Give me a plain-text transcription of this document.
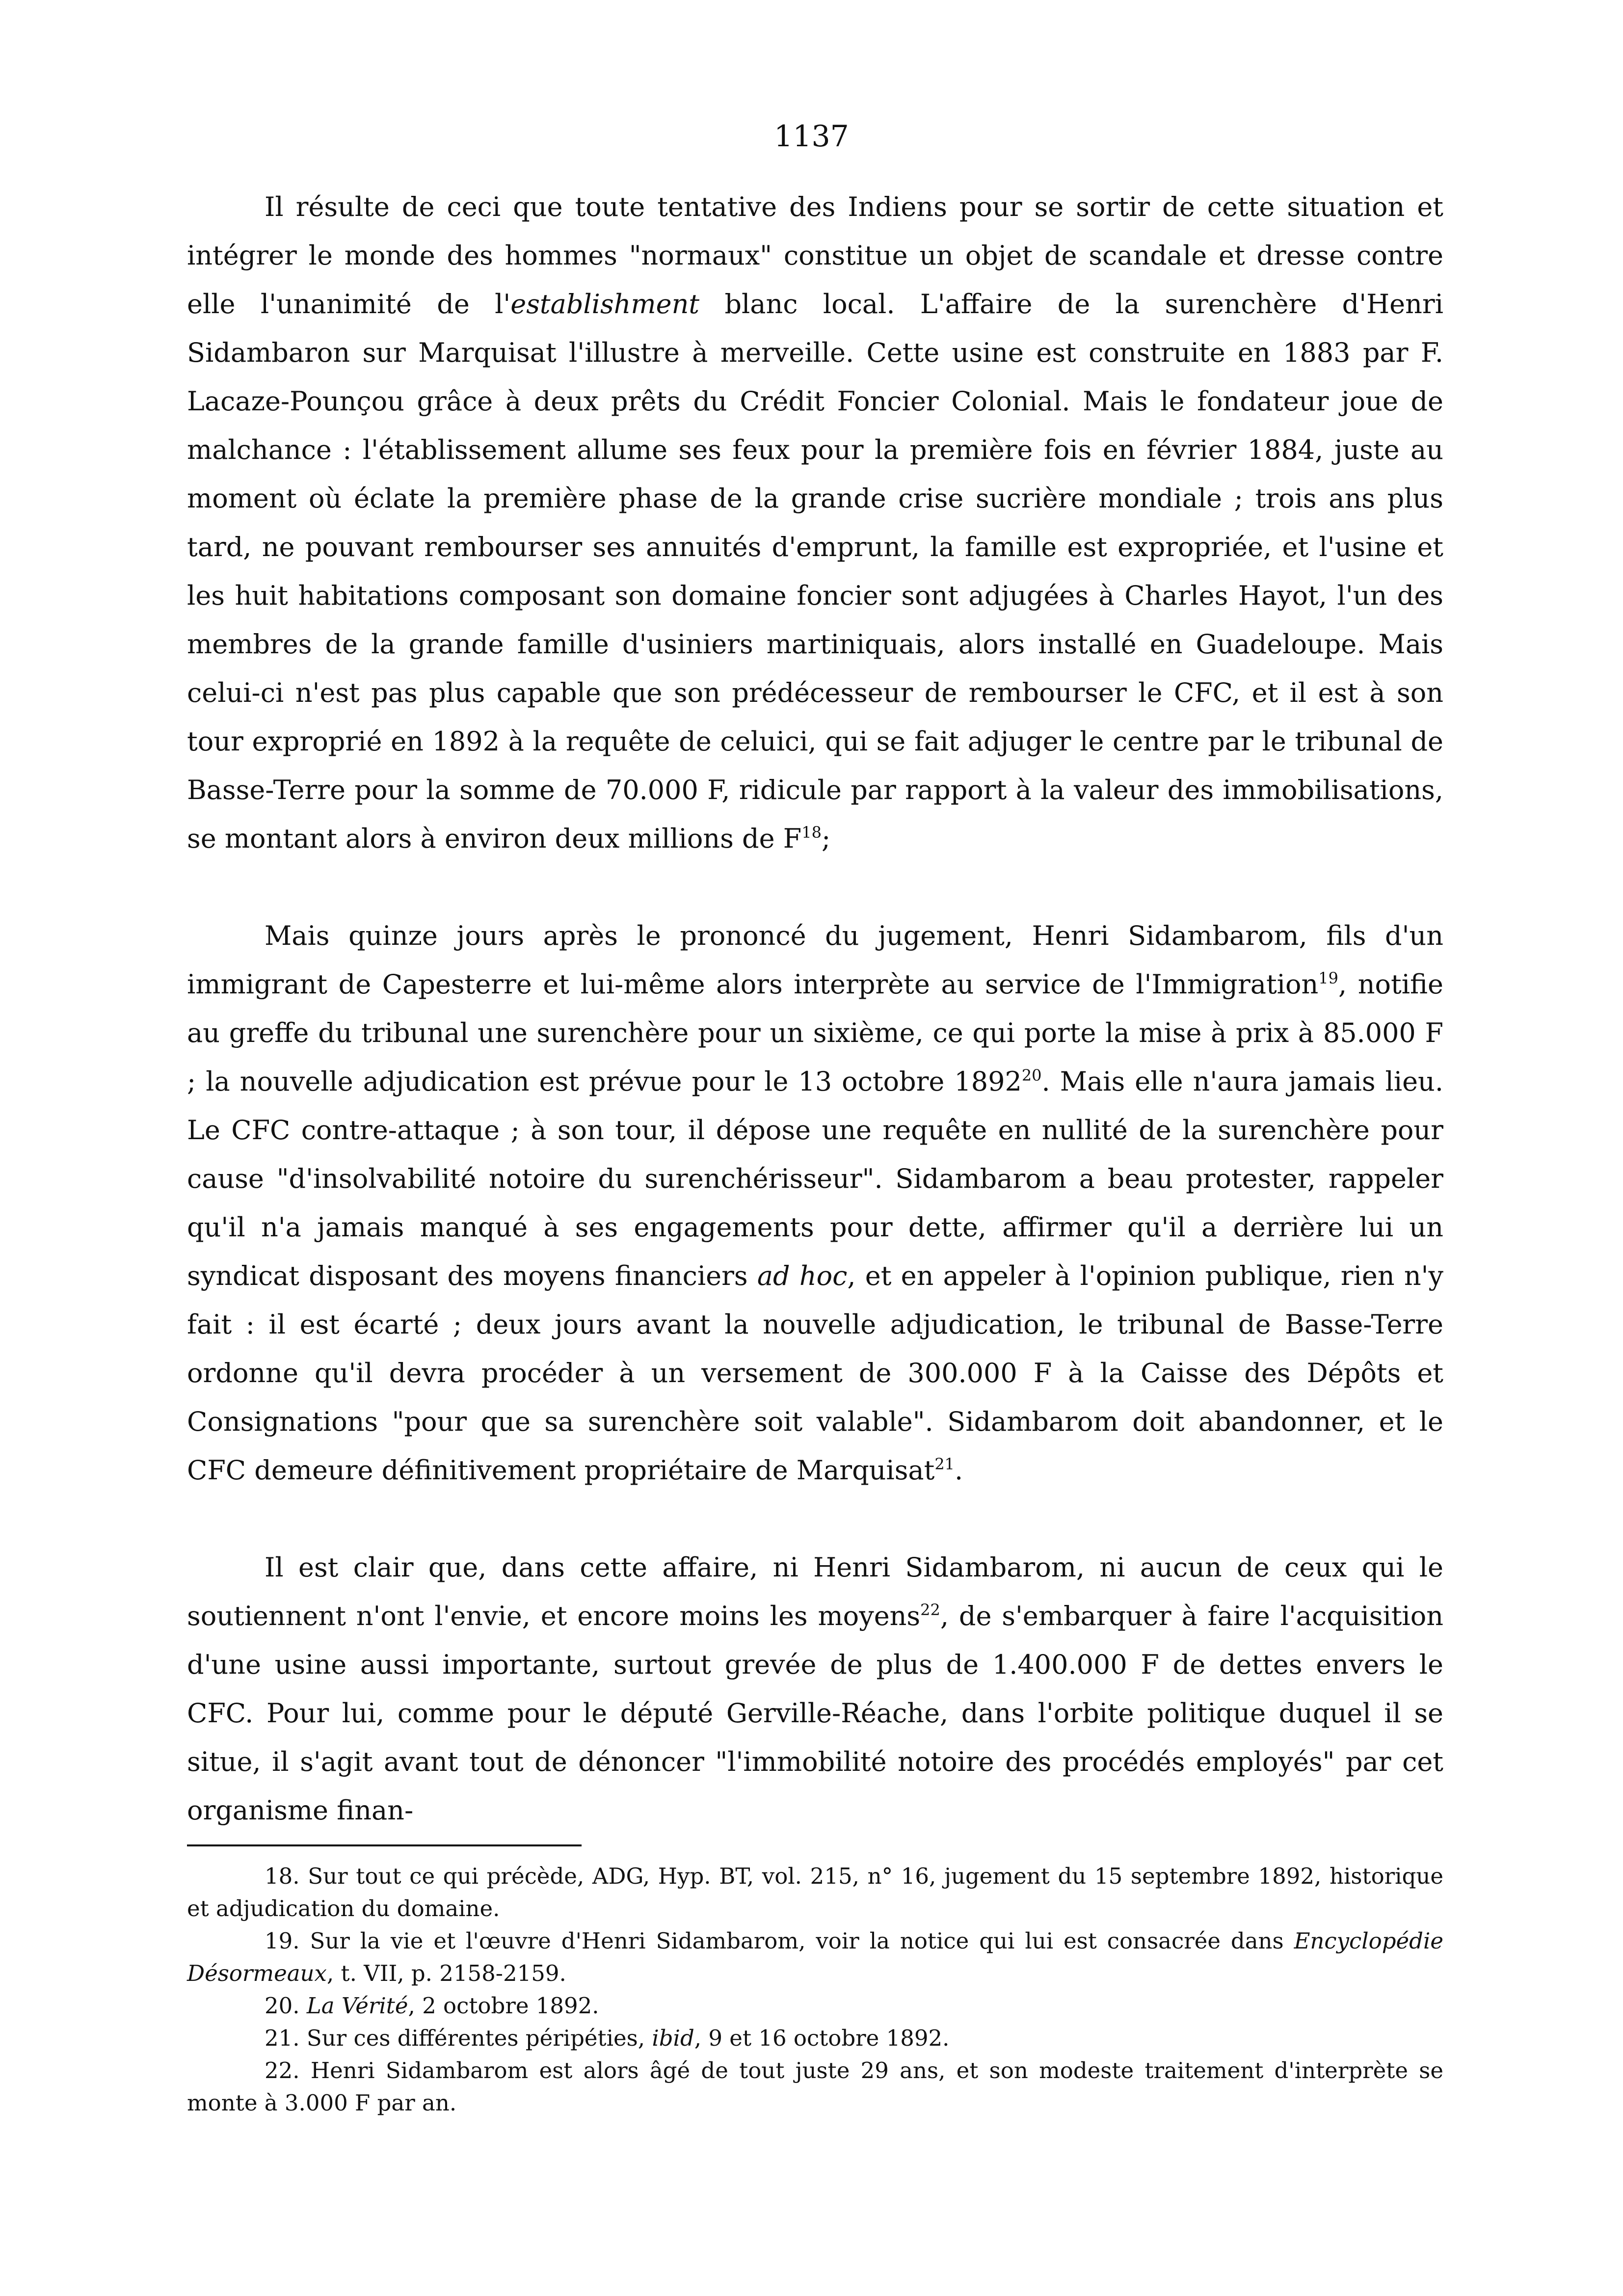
1137

Il résulte de ceci que toute tentative des Indiens pour se sortir de cette situation et intégrer le monde des hommes "normaux" constitue un objet de scandale et dresse contre elle l'unanimité de l'establishment blanc local. L'affaire de la surenchère d'Henri Sidambaron sur Marquisat l'illustre à merveille. Cette usine est construite en 1883 par F. Lacaze-Pounçou grâce à deux prêts du Crédit Foncier Colonial. Mais le fondateur joue de malchance : l'établissement allume ses feux pour la première fois en février 1884, juste au moment où éclate la première phase de la grande crise sucrière mondiale ; trois ans plus tard, ne pouvant rembourser ses annuités d'emprunt, la famille est expropriée, et l'usine et les huit habitations composant son domaine foncier sont adjugées à Charles Hayot, l'un des membres de la grande famille d'usiniers martiniquais, alors installé en Guadeloupe. Mais celui-ci n'est pas plus capable que son prédécesseur de rembourser le CFC, et il est à son tour exproprié en 1892 à la requête de celuici, qui se fait adjuger le centre par le tribunal de Basse-Terre pour la somme de 70.000 F, ridicule par rapport à la valeur des immobilisations, se montant alors à environ deux millions de $F^{18}$;

Mais quinze jours après le prononcé du jugement, Henri Sidambarom, fils d'un immigrant de Capesterre et lui-même alors interprète au service de l'Immigration$^{19}$, notifie au greffe du tribunal une surenchère pour un sixième, ce qui porte la mise à prix à 85.000 F ; la nouvelle adjudication est prévue pour le 13 octobre 1892$^{20}$. Mais elle n'aura jamais lieu. Le CFC contre-attaque ; à son tour, il dépose une requête en nullité de la surenchère pour cause "d'insolvabilité notoire du surenchérisseur". Sidambarom a beau protester, rappeler qu'il n'a jamais manqué à ses engagements pour dette, affirmer qu'il a derrière lui un syndicat disposant des moyens financiers ad hoc, et en appeler à l'opinion publique, rien n'y fait : il est écarté ; deux jours avant la nouvelle adjudication, le tribunal de Basse-Terre ordonne qu'il devra procéder à un versement de 300.000 F à la Caisse des Dépôts et Consignations "pour que sa surenchère soit valable". Sidambarom doit abandonner, et le CFC demeure définitivement propriétaire de Marquisat$^{21}$.

Il est clair que, dans cette affaire, ni Henri Sidambarom, ni aucun de ceux qui le soutiennent n'ont l'envie, et encore moins les moyens$^{22}$, de s'embarquer à faire l'acquisition d'une usine aussi importante, surtout grevée de plus de 1.400.000 F de dettes envers le CFC. Pour lui, comme pour le député Gerville-Réache, dans l'orbite politique duquel il se situe, il s'agit avant tout de dénoncer "l'immobilité notoire des procédés employés" par cet organisme finan-

18. Sur tout ce qui précède, ADG, Hyp. BT, vol. 215, n° 16, jugement du 15 septembre 1892, historique et adjudication du domaine.

19. Sur la vie et l'œuvre d'Henri Sidambarom, voir la notice qui lui est consacrée dans Encyclopédie Désormeaux, t. VII, p. 2158-2159.

20. La Vérité, 2 octobre 1892.

21. Sur ces différentes péripéties, ibid, 9 et 16 octobre 1892.

22. Henri Sidambarom est alors âgé de tout juste 29 ans, et son modeste traitement d'interprète se monte à 3.000 F par an.
